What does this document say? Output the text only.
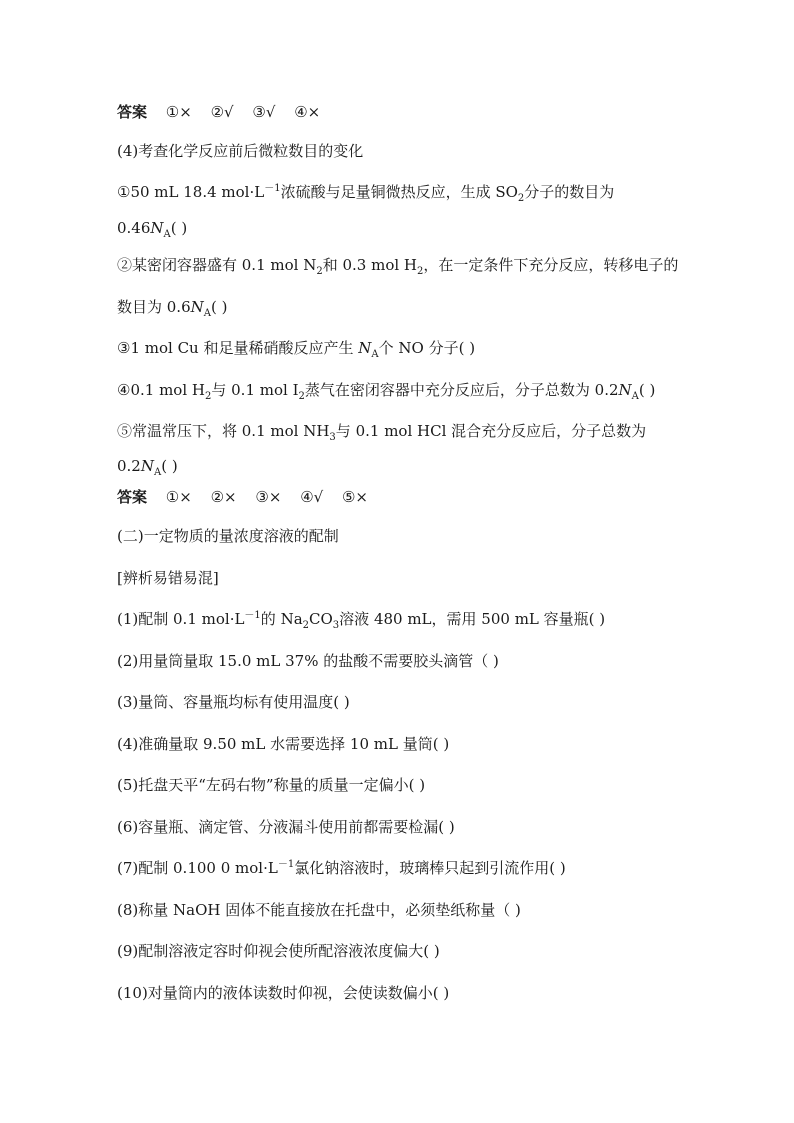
答案 ①× ②√ ③√ ④×
(4)考查化学反应前后微粒数目的变化
①50 mL 18.4 $mol\cdot L^{-1}$浓硫酸与足量铜微热反应，生成 $SO_2$分子的数目为
$0.46N_A$( )
②某密闭容器盛有 0.1 mol $N_2$和 0.3 mol $H_2$，在一定条件下充分反应，转移电子的
数目为 $0.6N_A$( )
③1 mol Cu 和足量稀硝酸反应产生 $N_A$个 NO 分子( )
④0.1 mol $H_2$与 0.1 mol $I_2$蒸气在密闭容器中充分反应后，分子总数为 $0.2N_A$( )
⑤常温常压下，将 0.1 mol $NH_3$与 0.1 mol HCl 混合充分反应后，分子总数为
$0.2N_A$( )
答案 ①× ②× ③× ④√ ⑤×
(二)一定物质的量浓度溶液的配制
[辨析易错易混]
(1)配制 0.1 $mol\cdot L^{-1}$的 $Na_2CO_3$溶液 480 mL，需用 500 mL 容量瓶( )
(2)用量筒量取 15.0 mL 37% 的盐酸不需要胶头滴管（ )
(3)量筒、容量瓶均标有使用温度( )
(4)准确量取 9.50 mL 水需要选择 10 mL 量筒( )
(5)托盘天平“左码右物”称量的质量一定偏小( )
(6)容量瓶、滴定管、分液漏斗使用前都需要检漏( )
(7)配制 0.100 0 $mol\cdot L^{-1}$氯化钠溶液时，玻璃棒只起到引流作用( )
(8)称量 NaOH 固体不能直接放在托盘中，必须垫纸称量（ )
(9)配制溶液定容时仰视会使所配溶液浓度偏大( )
(10)对量筒内的液体读数时仰视，会使读数偏小( )
